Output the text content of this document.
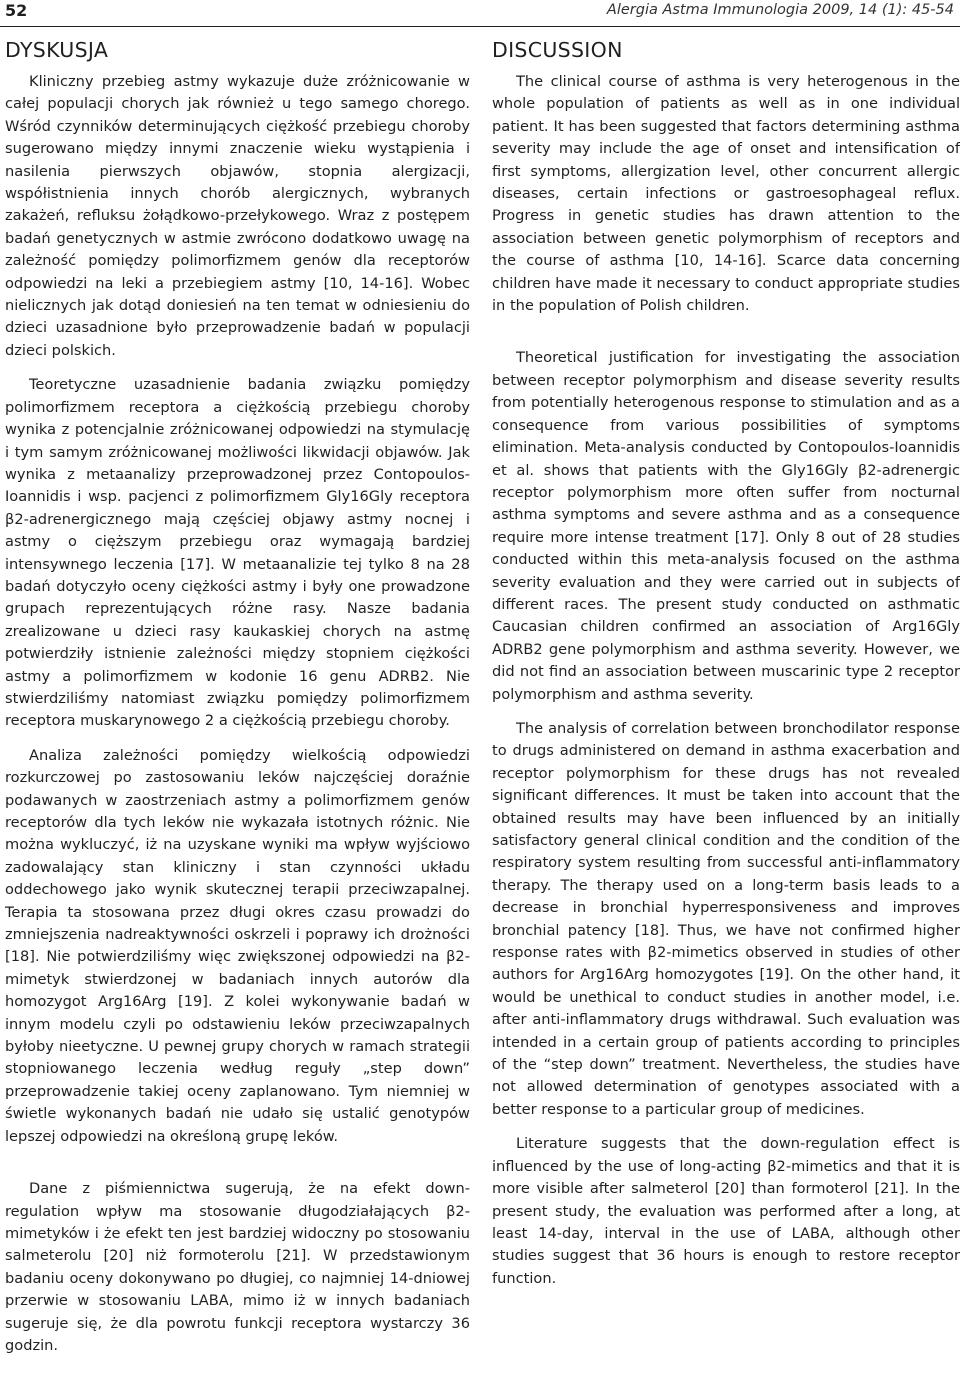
52	Alergia Astma Immunologia 2009, 14 (1): 45-54
DYSKUSJA

Kliniczny przebieg astmy wykazuje duże zróżnicowanie w całej populacji chorych jak również u tego samego chorego. Wśród czynników determinujących ciężkość przebiegu choroby sugerowano między innymi znaczenie wieku wystąpienia i nasilenia pierwszych objawów, stopnia alergizacji, współistnienia innych chorób alergicznych, wybranych zakażeń, refluksu żołądkowo-przełykowego. Wraz z postępem badań genetycznych w astmie zwrócono dodatkowo uwagę na zależność pomiędzy polimorfizmem genów dla receptorów odpowiedzi na leki a przebiegiem astmy [10, 14-16]. Wobec nielicznych jak dotąd doniesień na ten temat w odniesieniu do dzieci uzasadnione było przeprowadzenie badań w populacji dzieci polskich.

Teoretyczne uzasadnienie badania związku pomiędzy polimorfizmem receptora a ciężkością przebiegu choroby wynika z potencjalnie zróżnicowanej odpowiedzi na stymulację i tym samym zróżnicowanej możliwości likwidacji objawów. Jak wynika z metaanalizy przeprowadzonej przez Contopoulos-Ioannidis i wsp. pacjenci z polimorfizmem Gly16Gly receptora β2-adrenergicznego mają częściej objawy astmy nocnej i astmy o cięższym przebiegu oraz wymagają bardziej intensywnego leczenia [17]. W metaanalizie tej tylko 8 na 28 badań dotyczyło oceny ciężkości astmy i były one prowadzone grupach reprezentujących różne rasy. Nasze badania zrealizowane u dzieci rasy kaukaskiej chorych na astmę potwierdziły istnienie zależności między stopniem ciężkości astmy a polimorfizmem w kodonie 16 genu ADRB2. Nie stwierdziliśmy natomiast związku pomiędzy polimorfizmem receptora muskarynowego 2 a ciężkością przebiegu choroby.

Analiza zależności pomiędzy wielkością odpowiedzi rozkurczowej po zastosowaniu leków najczęściej doraźnie podawanych w zaostrzeniach astmy a polimorfizmem genów receptorów dla tych leków nie wykazała istotnych różnic. Nie można wykluczyć, iż na uzyskane wyniki ma wpływ wyjściowo zadowalający stan kliniczny i stan czynności układu oddechowego jako wynik skutecznej terapii przeciwzapalnej. Terapia ta stosowana przez długi okres czasu prowadzi do zmniejszenia nadreaktywności oskrzeli i poprawy ich drożności [18]. Nie potwierdziliśmy więc zwiększonej odpowiedzi na β2-mimetyk stwierdzonej w badaniach innych autorów dla homozygot Arg16Arg [19]. Z kolei wykonywanie badań w innym modelu czyli po odstawieniu leków przeciwzapalnych byłoby nieetyczne. U pewnej grupy chorych w ramach strategii stopniowanego leczenia według reguły „step down” przeprowadzenie takiej oceny zaplanowano. Tym niemniej w świetle wykonanych badań nie udało się ustalić genotypów lepszej odpowiedzi na określoną grupę leków.

Dane z piśmiennictwa sugerują, że na efekt down-regulation wpływ ma stosowanie długodziałających β2-mimetyków i że efekt ten jest bardziej widoczny po stosowaniu salmeterolu [20] niż formoterolu [21]. W przedstawionym badaniu oceny dokonywano po długiej, co najmniej 14-dniowej przerwie w stosowaniu LABA, mimo iż w innych badaniach sugeruje się, że dla powrotu funkcji receptora wystarczy 36 godzin.

DISCUSSION

The clinical course of asthma is very heterogenous in the whole population of patients as well as in one individual patient. It has been suggested that factors determining asthma severity may include the age of onset and intensification of first symptoms, allergization level, other concurrent allergic diseases, certain infections or gastroesophageal reflux. Progress in genetic studies has drawn attention to the association between genetic polymorphism of receptors and the course of asthma [10, 14-16]. Scarce data concerning children have made it necessary to conduct appropriate studies in the population of Polish children.

Theoretical justification for investigating the association between receptor polymorphism and disease severity results from potentially heterogenous response to stimulation and as a consequence from various possibilities of symptoms elimination. Meta-analysis conducted by Contopoulos-Ioannidis et al. shows that patients with the Gly16Gly β2-adrenergic receptor polymorphism more often suffer from nocturnal asthma symptoms and severe asthma and as a consequence require more intense treatment [17]. Only 8 out of 28 studies conducted within this meta-analysis focused on the asthma severity evaluation and they were carried out in subjects of different races. The present study conducted on asthmatic Caucasian children confirmed an association of Arg16Gly ADRB2 gene polymorphism and asthma severity. However, we did not find an association between muscarinic type 2 receptor polymorphism and asthma severity.

The analysis of correlation between bronchodilator response to drugs administered on demand in asthma exacerbation and receptor polymorphism for these drugs has not revealed significant differences. It must be taken into account that the obtained results may have been influenced by an initially satisfactory general clinical condition and the condition of the respiratory system resulting from successful anti-inflammatory therapy. The therapy used on a long-term basis leads to a decrease in bronchial hyperresponsiveness and improves bronchial patency [18]. Thus, we have not confirmed higher response rates with β2-mimetics observed in studies of other authors for Arg16Arg homozygotes [19]. On the other hand, it would be unethical to conduct studies in another model, i.e. after anti-inflammatory drugs withdrawal. Such evaluation was intended in a certain group of patients according to principles of the “step down” treatment. Nevertheless, the studies have not allowed determination of genotypes associated with a better response to a particular group of medicines.

Literature suggests that the down-regulation effect is influenced by the use of long-acting β2-mimetics and that it is more visible after salmeterol [20] than formoterol [21]. In the present study, the evaluation was performed after a long, at least 14-day, interval in the use of LABA, although other studies suggest that 36 hours is enough to restore receptor function.
